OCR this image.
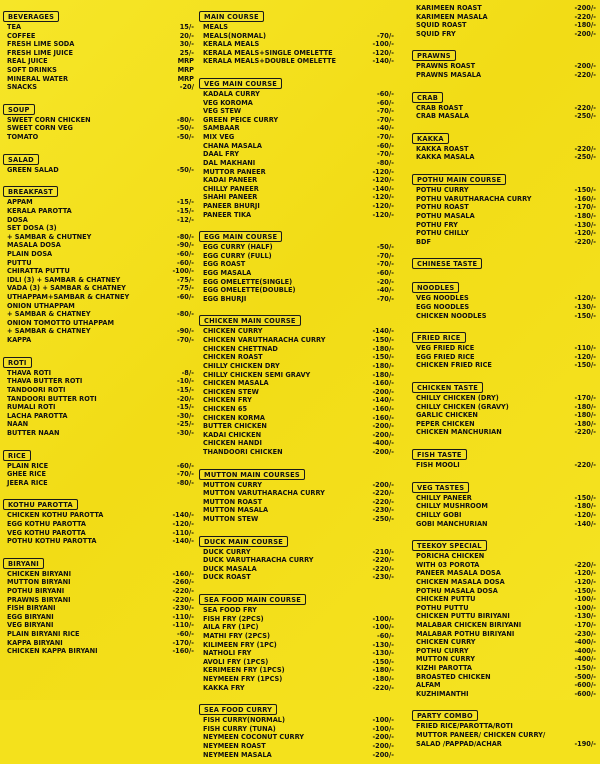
BEVERAGES
TEA	15/-
COFFEE	20/-
FRESH LIME SODA	30/-
FRESH LIME JUICE	25/-
REAL JUICE	MRP
SOFT DRINKS	MRP
MINERAL WATER	MRP
SNACKS	-20/
SOUP
SWEET CORN CHICKEN	-80/-
SWEET CORN VEG	-50/-
TOMATO	-50/-
SALAD
GREEN SALAD	-50/-
BREAKFAST
APPAM	-15/-
KERALA PAROTTA	-15/-
DOSA	-12/-
SET DOSA (3)
+ SAMBAR & CHUTNEY	-80/-
MASALA DOSA	-90/-
PLAIN DOSA	-60/-
PUTTU	-60/-
CHIRATTA PUTTU	-100/-
IDLI (3) + SAMBAR & CHATNEY	-75/-
VADA (3) + SAMBAR & CHATNEY	-75/-
UTHAPPAM+SAMBAR & CHATNEY	-60/-
ONION UTHAPPAM
+ SAMBAR & CHATNEY	-80/-
ONION TOMOTTO UTHAPPAM
+ SAMBAR & CHATNEY	-90/-
KAPPA	-70/-
ROTI
THAVA ROTI	-8/-
THAVA BUTTER ROTI	-10/-
TANDOORI ROTI	-15/-
TANDOORI BUTTER ROTI	-20/-
RUMALI ROTI	-15/-
LACHA PAROTTA	-30/-
NAAN	-25/-
BUTTER NAAN	-30/-
RICE
PLAIN RICE	-60/-
GHEE RICE	-70/-
JEERA RICE	-80/-
KOTHU PAROTTA
CHICKEN KOTHU PAROTTA	-140/-
EGG KOTHU PAROTTA	-120/-
VEG KOTHU PAROTTA	-110/-
POTHU KOTHU PAROTTA	-140/-
BIRYANI
CHICKEN BIRYANI	-160/-
MUTTON BIRYANI	-260/-
POTHU BIRYANI	-220/-
PRAWNS BIRYANI	-220/-
FISH BIRYANI	-230/-
EGG BIRYANI	-110/-
VEG BIRYANI	-110/-
PLAIN BIRYANI RICE	-60/-
KAPPA BIRYANI	-170/-
CHICKEN KAPPA BIRYANI	-160/-
MAIN COURSE
MEALS
MEALS(NORMAL)	-70/-
KERALA MEALS	-100/-
KERALA MEALS+SINGLE OMELETTE	-120/-
KERALA MEALS+DOUBLE OMELETTE	-140/-
VEG MAIN COURSE
KADALA CURRY	-60/-
VEG KOROMA	-60/-
VEG STEW	-70/-
GREEN PEICE CURRY	-70/-
SAMBAAR	-40/-
MIX VEG	-70/-
CHANA MASALA	-60/-
DAAL FRY	-70/-
DAL MAKHANI	-80/-
MUTTOR PANEER	-120/-
KADAI PANEER	-120/-
CHILLY PANEER	-140/-
SHAHI PANEER	-120/-
PANEER BHURJI	-120/-
PANEER TIKA	-120/-
EGG MAIN COURSE
EGG CURRY (HALF)	-50/-
EGG CURRY (FULL)	-70/-
EGG ROAST	-70/-
EGG MASALA	-60/-
EGG OMELETTE(SINGLE)	-20/-
EGG OMELETTE(DOUBLE)	-40/-
EGG BHURJI	-70/-
CHICKEN MAIN COURSE
CHICKEN CURRY	-140/-
CHICKEN VARUTHARACHA CURRY	-150/-
CHICKEN CHETTNAD	-180/-
CHICKEN ROAST	-150/-
CHILLY CHICKEN DRY	-180/-
CHILLY CHICKEN SEMI GRAVY	-180/-
CHICKEN MASALA	-160/-
CHICKEN STEW	-200/-
CHICKEN FRY	-140/-
CHICKEN 65	-160/-
CHICKEN KORMA	-160/-
BUTTER CHICKEN	-200/-
KADAI CHICKEN	-200/-
CHICKEN HANDI	-400/-
THANDOORI CHICKEN	-200/-
MUTTON MAIN COURSES
MUTTON CURRY	-200/-
MUTTON VARUTHARACHA CURRY	-220/-
MUTTON ROAST	-220/-
MUTTON MASALA	-230/-
MUTTON STEW	-250/-
DUCK MAIN COURSE
DUCK CURRY	-210/-
DUCK VARUTHARACHA CURRY	-220/-
DUCK MASALA	-220/-
DUCK ROAST	-230/-
SEA FOOD MAIN COURSE
SEA FOOD FRY
FISH FRY (2PCS)	-100/-
AILA FRY (1PC)	-100/-
MATHI FRY (2PCS)	-60/-
KILIMEEN FRY (1PC)	-130/-
NATHOLI FRY	-130/-
AVOLI FRY (1PCS)	-150/-
KERIMEEN FRY (1PCS)	-180/-
NEYMEEN FRY (1PCS)	-180/-
KAKKA FRY	-220/-
SEA FOOD CURRY
FISH CURRY(NORMAL)	-100/-
FISH CURRY (TUNA)	-100/-
NEYMEEN COCONUT CURRY	-200/-
NEYMEEN ROAST	-200/-
NEYMEEN MASALA	-200/-
KARIMEEN ROAST	-200/-
KARIMEEN MASALA	-220/-
SQUID ROAST	-180/-
SQUID FRY	-200/-
PRAWNS
PRAWNS ROAST	-200/-
PRAWNS MASALA	-220/-
CRAB
CRAB ROAST	-220/-
CRAB MASALA	-250/-
KAKKA
KAKKA ROAST	-220/-
KAKKA MASALA	-250/-
POTHU MAIN COURSE
POTHU CURRY	-150/-
POTHU VARUTHARACHA CURRY	-160/-
POTHU ROAST	-170/-
POTHU MASALA	-180/-
POTHU FRY	-130/-
POTHU CHILLY	-120/-
BDF	-220/-
CHINESE TASTE
NOODLES
VEG NOODLES	-120/-
EGG NOODLES	-130/-
CHICKEN NOODLES	-150/-
FRIED RICE
VEG FRIED RICE	-110/-
EGG FRIED RICE	-120/-
CHICKEN FRIED RICE	-150/-
CHICKEN TASTE
CHILLY CHICKEN (DRY)	-170/-
CHILLY CHICKEN (GRAVY)	-180/-
GARLIC CHICKEN	-180/-
PEPER CHICKEN	-180/-
CHICKEN MANCHURIAN	-220/-
FISH TASTE
FISH MOOLI	-220/-
VEG TASTES
CHILLY PANEER	-150/-
CHILLY MUSHROOM	-180/-
CHILLY GOBI	-120/-
GOBI MANCHURIAN	-140/-
TEEKOY SPECIAL
PORICHA CHICKEN
WITH 03 POROTA	-220/-
PANEER MASALA DOSA	-120/-
CHICKEN MASALA DOSA	-120/-
POTHU MASALA DOSA	-150/-
CHICKEN PUTTU	-100/-
POTHU PUTTU	-100/-
CHICKEN PUTTU BIRIYANI	-130/-
MALABAR CHICKEN BIRIYANI	-170/-
MALABAR POTHU BIRIYANI	-230/-
CHICKEN CURRY	-400/-
POTHU CURRY	-400/-
MUTTON CURRY	-400/-
KIZHI PAROTTA	-150/-
BROASTED CHICKEN	-500/-
ALFAM	-600/-
KUZHIMANTHI	-600/-
PARTY COMBO
FRIED RICE/PAROTTA/ROTI
MUTTOR PANEER/ CHICKEN CURRY/
SALAD /PAPPAD/ACHAR	-190/-
